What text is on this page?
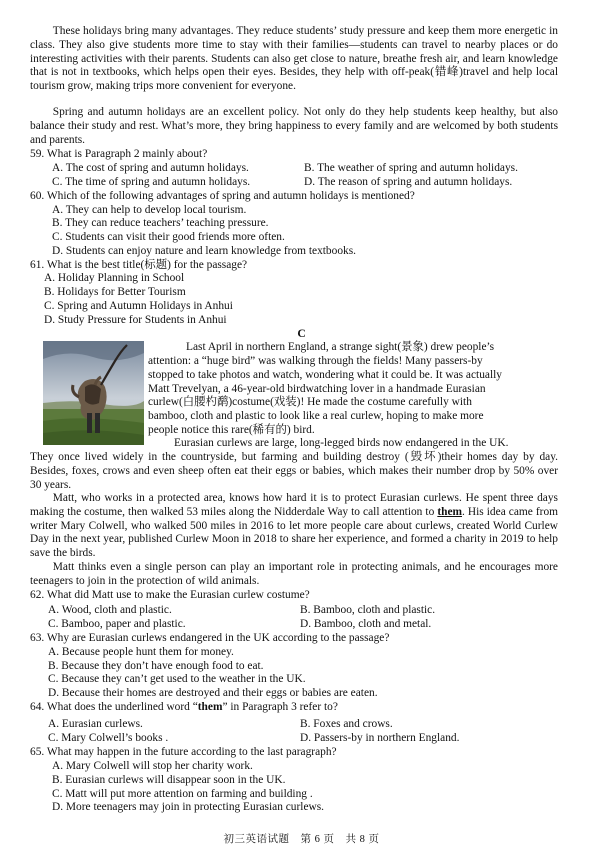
These holidays bring many advantages. They reduce students’ study pressure and keep them more energetic in class. They also give students more time to stay with their families—students can travel to nearby places or do interesting activities with their parents. Students can also get close to nature, breathe fresh air, and learn knowledge that is not in textbooks, which helps open their eyes. Besides, they help with off-peak(错峰)travel and help local tourism grow, making trips more convenient for everyone.

Spring and autumn holidays are an excellent policy. Not only do they help students keep healthy, but also balance their study and rest. What’s more, they bring happiness to every family and are welcomed by both students and parents.

59. What is Paragraph 2 mainly about?
A. The cost of spring and autumn holidays.	B. The weather of spring and autumn holidays.
C. The time of spring and autumn holidays.	D. The reason of spring and autumn holidays.
60. Which of the following advantages of spring and autumn holidays is mentioned?
A. They can help to develop local tourism.
B. They can reduce teachers’ teaching pressure.
C. Students can visit their good friends more often.
D. Students can enjoy nature and learn knowledge from textbooks.
61. What is the best title(标题) for the passage?
A. Holiday Planning in School
B. Holidays for Better Tourism
C. Spring and Autumn Holidays in Anhui
D. Study Pressure for Students in Anhui
C
Last April in northern England, a strange sight(景象) drew people’s
attention: a “huge bird” was walking through the fields! Many passers-by
stopped to take photos and watch, wondering what it could be. It was actually
Matt Trevelyan, a 46-year-old birdwatching lover in a handmade Eurasian
curlew(白腰杓鹬)costume(戏装)! He made the costume carefully with
bamboo, cloth and plastic to look like a real curlew, hoping to make more
people notice this rare(稀有的) bird.
Eurasian curlews are large, long-legged birds now endangered in the UK.

They once lived widely in the countryside, but farming and building destroy (毁坏)their homes day by day. Besides, foxes, crows and even sheep often eat their eggs or babies, which makes their number drop by 50% over 30 years.

Matt, who works in a protected area, knows how hard it is to protect Eurasian curlews. He spent three days making the costume, then walked 53 miles along the Nidderdale Way to call attention to them. His idea came from writer Mary Colwell, who walked 500 miles in 2016 to let more people care about curlews, created World Curlew Day in the next year, published Curlew Moon in 2018 to share her experience, and formed a charity in 2019 to help save the birds.

Matt thinks even a single person can play an important role in protecting animals, and he encourages more teenagers to join in the protection of wild animals.

62. What did Matt use to make the Eurasian curlew costume?
A. Wood, cloth and plastic.	B. Bamboo, cloth and plastic.
C. Bamboo, paper and plastic.	D. Bamboo, cloth and metal.
63. Why are Eurasian curlews endangered in the UK according to the passage?
A. Because people hunt them for money.
B. Because they don’t have enough food to eat.
C. Because they can’t get used to the weather in the UK.
D. Because their homes are destroyed and their eggs or babies are eaten.
64. What does the underlined word “them” in Paragraph 3 refer to?
A. Eurasian curlews.	B. Foxes and crows.
C. Mary Colwell’s books .	D. Passers-by in northern England.
65. What may happen in the future according to the last paragraph?
A. Mary Colwell will stop her charity work.
B. Eurasian curlews will disappear soon in the UK.
C. Matt will put more attention on farming and building .
D. More teenagers may join in protecting Eurasian curlews.
初三英语试题　第 6 页　共 8 页
